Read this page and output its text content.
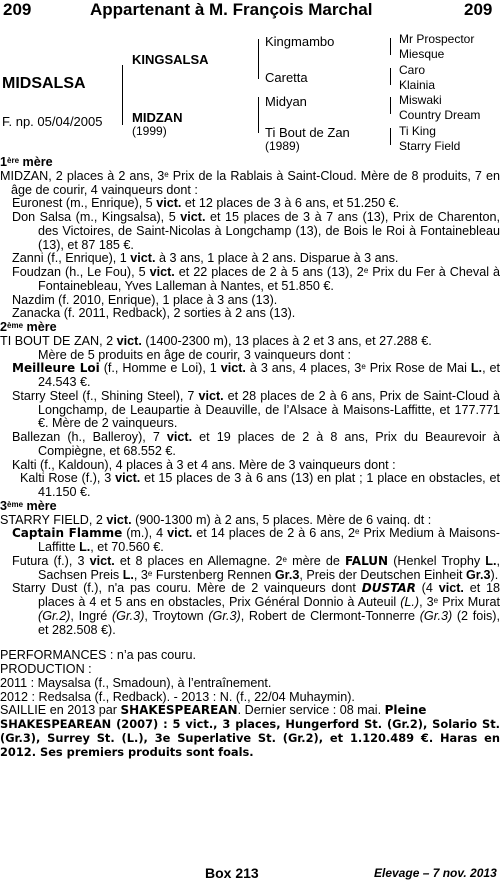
209	Appartenant à M. François Marchal	209
MIDSALSA
F. np. 05/04/2005
KINGSALSA
MIDZAN
(1999)
Kingmambo
Caretta
Midyan
Ti Bout de Zan
(1989)
Mr Prospector
Miesque
Caro
Klainia
Miswaki
Country Dream
Ti King
Starry Field

1ère mère

MIDZAN, 2 places à 2 ans, 3e Prix de la Rablais à Saint-Cloud. Mère de 8 produits, 7 en âge de courir, 4 vainqueurs dont :

Euronest (m., Enrique), 5 vict. et 12 places de 3 à 6 ans, et 51.250 €.

Don Salsa (m., Kingsalsa), 5 vict. et 15 places de 3 à 7 ans (13), Prix de Charenton, des Victoires, de Saint-Nicolas à Longchamp (13), de Bois le Roi à Fontainebleau (13), et 87 185 €.

Zanni (f., Enrique), 1 vict. à 3 ans, 1 place à 2 ans. Disparue à 3 ans.

Foudzan (h., Le Fou), 5 vict. et 22 places de 2 à 5 ans (13), 2e Prix du Fer à Cheval à Fontainebleau, Yves Lalleman à Nantes, et 51.850 €.

Nazdim (f. 2010, Enrique), 1 place à 3 ans (13).

Zanacka (f. 2011, Redback), 2 sorties à 2 ans (13).

2ème mère

TI BOUT DE ZAN, 2 vict. (1400-2300 m), 13 places à 2 et 3 ans, et 27.288 €.

Mère de 5 produits en âge de courir, 3 vainqueurs dont :

Meilleure Loi (f., Homme e Loi), 1 vict. à 3 ans, 4 places, 3e Prix Rose de Mai L., et 24.543 €.

Starry Steel (f., Shining Steel), 7 vict. et 28 places de 2 à 6 ans, Prix de Saint-Cloud à Longchamp, de Leaupartie à Deauville, de l’Alsace à Maisons-Laffitte, et 177.771 €. Mère de 2 vainqueurs.

Ballezan (h., Balleroy), 7 vict. et 19 places de 2 à 8 ans, Prix du Beaurevoir à Compiègne, et 68.552 €.

Kalti (f., Kaldoun), 4 places à 3 et 4 ans. Mère de 3 vainqueurs dont :

Kalti Rose (f.), 3 vict. et 15 places de 3 à 6 ans (13) en plat ; 1 place en obstacles, et 41.150 €.

3ème mère

STARRY FIELD, 2 vict. (900-1300 m) à 2 ans, 5 places. Mère de 6 vainq. dt :

Captain Flamme (m.), 4 vict. et 14 places de 2 à 6 ans, 2e Prix Medium à Maisons-Laffitte L., et 70.560 €.

Futura (f.), 3 vict. et 8 places en Allemagne. 2e mère de FALUN (Henkel Trophy L., Sachsen Preis L., 3e Furstenberg Rennen Gr.3, Preis der Deutschen Einheit Gr.3).

Starry Dust (f.), n'a pas couru. Mère de 2 vainqueurs dont DUSTAR (4 vict. et 18 places à 4 et 5 ans en obstacles, Prix Général Donnio à Auteuil (L.), 3e Prix Murat (Gr.2), Ingré (Gr.3), Troytown (Gr.3), Robert de Clermont-Tonnerre (Gr.3) (2 fois), et 282.508 €).

PERFORMANCES : n’a pas couru.

PRODUCTION :

2011 : Maysalsa (f., Smadoun), à l’entraînement.

2012 : Redsalsa (f., Redback). - 2013 : N. (f., 22/04 Muhaymin).

SAILLIE en 2013 par SHAKESPEAREAN. Dernier service : 08 mai. Pleine

SHAKESPEAREAN (2007) : 5 vict., 3 places, Hungerford St. (Gr.2), Solario St. (Gr.3), Surrey St. (L.), 3e Superlative St. (Gr.2), et 1.120.489 €. Haras en 2012. Ses premiers produits sont foals.

Box 213	Elevage – 7 nov. 2013
